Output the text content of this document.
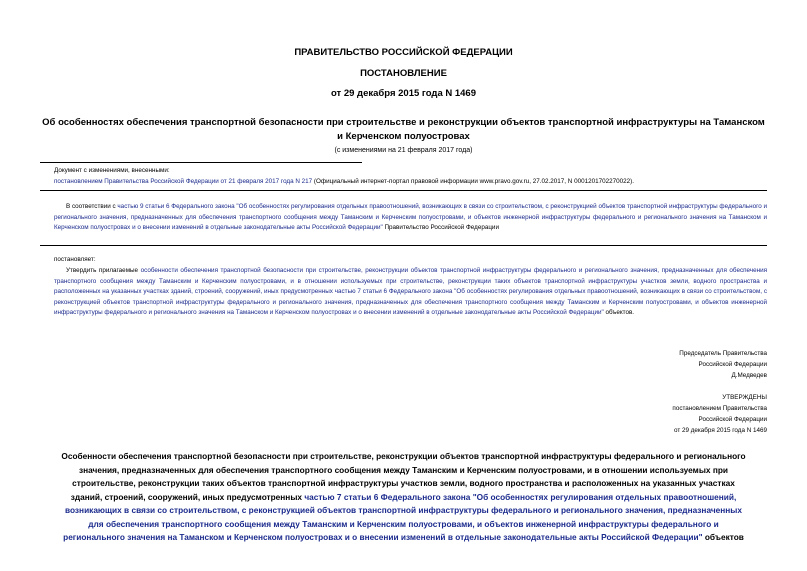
ПРАВИТЕЛЬСТВО РОССИЙСКОЙ ФЕДЕРАЦИИ
ПОСТАНОВЛЕНИЕ
от 29 декабря 2015 года N 1469
Об особенностях обеспечения транспортной безопасности при строительстве и реконструкции объектов транспортной инфраструктуры на Таманском и Керченском полуостровах
(с изменениями на 21 февраля 2017 года)
Документ с изменениями, внесенными:
постановлением Правительства Российской Федерации от 21 февраля 2017 года N 217 (Официальный интернет-портал правовой информации www.pravo.gov.ru, 27.02.2017, N 0001201702270022).
В соответствии с частью 9 статьи 6 Федерального закона "Об особенностях регулирования отдельных правоотношений, возникающих в связи со строительством, с реконструкцией объектов транспортной инфраструктуры федерального и регионального значения, предназначенных для обеспечения транспортного сообщения между Таманским и Керченским полуостровами, и объектов инженерной инфраструктуры федерального и регионального значения на Таманском и Керченском полуостровах и о внесении изменений в отдельные законодательные акты Российской Федерации" Правительство Российской Федерации
постановляет:
Утвердить прилагаемые особенности обеспечения транспортной безопасности при строительстве, реконструкции объектов транспортной инфраструктуры федерального и регионального значения, предназначенных для обеспечения транспортного сообщения между Таманским и Керченским полуостровами, и в отношении используемых при строительстве, реконструкции таких объектов транспортной инфраструктуры участков земли, водного пространства и расположенных на указанных участках зданий, строений, сооружений, иных предусмотренных частью 7 статьи 6 Федерального закона "Об особенностях регулирования отдельных правоотношений, возникающих в связи со строительством, с реконструкцией объектов транспортной инфраструктуры федерального и регионального значения, предназначенных для обеспечения транспортного сообщения между Таманским и Керченским полуостровами, и объектов инженерной инфраструктуры федерального и регионального значения на Таманском и Керченском полуостровах и о внесении изменений в отдельные законодательные акты Российской Федерации" объектов.
Председатель Правительства
Российской Федерации
Д.Медведев
УТВЕРЖДЕНЫ
постановлением Правительства
Российской Федерации
от 29 декабря 2015 года N 1469
Особенности обеспечения транспортной безопасности при строительстве, реконструкции объектов транспортной инфраструктуры федерального и регионального значения, предназначенных для обеспечения транспортного сообщения между Таманским и Керченским полуостровами, и в отношении используемых при строительстве, реконструкции таких объектов транспортной инфраструктуры участков земли, водного пространства и расположенных на указанных участках зданий, строений, сооружений, иных предусмотренных частью 7 статьи 6 Федерального закона "Об особенностях регулирования отдельных правоотношений, возникающих в связи со строительством, с реконструкцией объектов транспортной инфраструктуры федерального и регионального значения, предназначенных для обеспечения транспортного сообщения между Таманским и Керченским полуостровами, и объектов инженерной инфраструктуры федерального и регионального значения на Таманском и Керченском полуостровах и о внесении изменений в отдельные законодательные акты Российской Федерации" объектов
